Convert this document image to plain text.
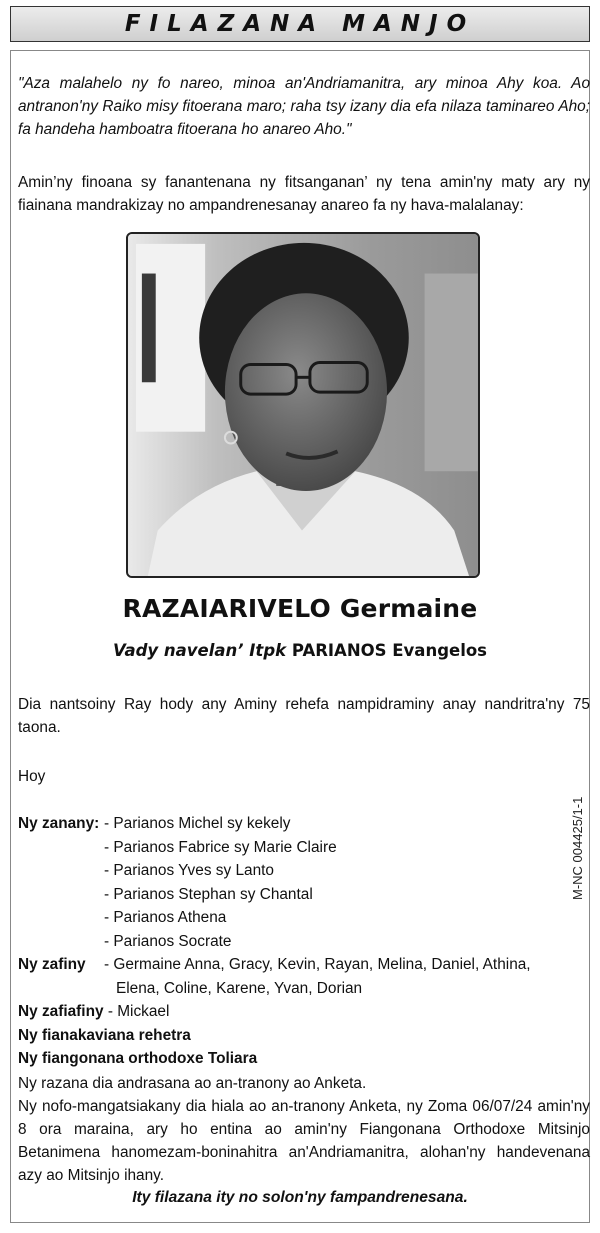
FILAZANA MANJO
"Aza malahelo ny fo nareo, minoa an'Andriamanitra, ary minoa Ahy koa. Ao antranon'ny Raiko misy fitoerana maro; raha tsy izany dia efa nilaza taminareo Aho; fa handeha hamboatra fitoerana ho anareo Aho."
Amin’ny finoana sy fanantenana ny fitsanganan’ ny tena amin'ny maty ary ny fiainana mandrakizay no ampandrenesanay anareo fa ny hava-malalanay:
RAZAIARIVELO Germaine
Vady navelan’ Itpk PARIANOS Evangelos
Dia nantsoiny Ray hody any Aminy rehefa nampidraminy anay nandritra'ny 75 taona.
Hoy
Ny zanany: - Parianos Michel sy kekely
- Parianos Fabrice sy Marie Claire
- Parianos Yves sy Lanto
- Parianos Stephan sy Chantal
- Parianos Athena
- Parianos Socrate
Ny zafiny - Germaine Anna, Gracy, Kevin, Rayan, Melina, Daniel, Athina,
Elena, Coline, Karene, Yvan, Dorian
Ny zafiafiny - Mickael
Ny fianakaviana rehetra
Ny fiangonana orthodoxe Toliara
Ny razana dia andrasana ao an-tranony ao Anketa.
Ny nofo-mangatsiakany dia hiala ao an-tranony Anketa, ny Zoma 06/07/24 amin'ny 8 ora maraina, ary ho entina ao amin'ny Fiangonana Orthodoxe Mitsinjo Betanimena hanomezam-boninahitra an'Andriamanitra, alohan'ny handevenana azy ao Mitsinjo ihany.
Ity filazana ity no solon'ny fampandrenesana.
M-NC 004425/1-1
